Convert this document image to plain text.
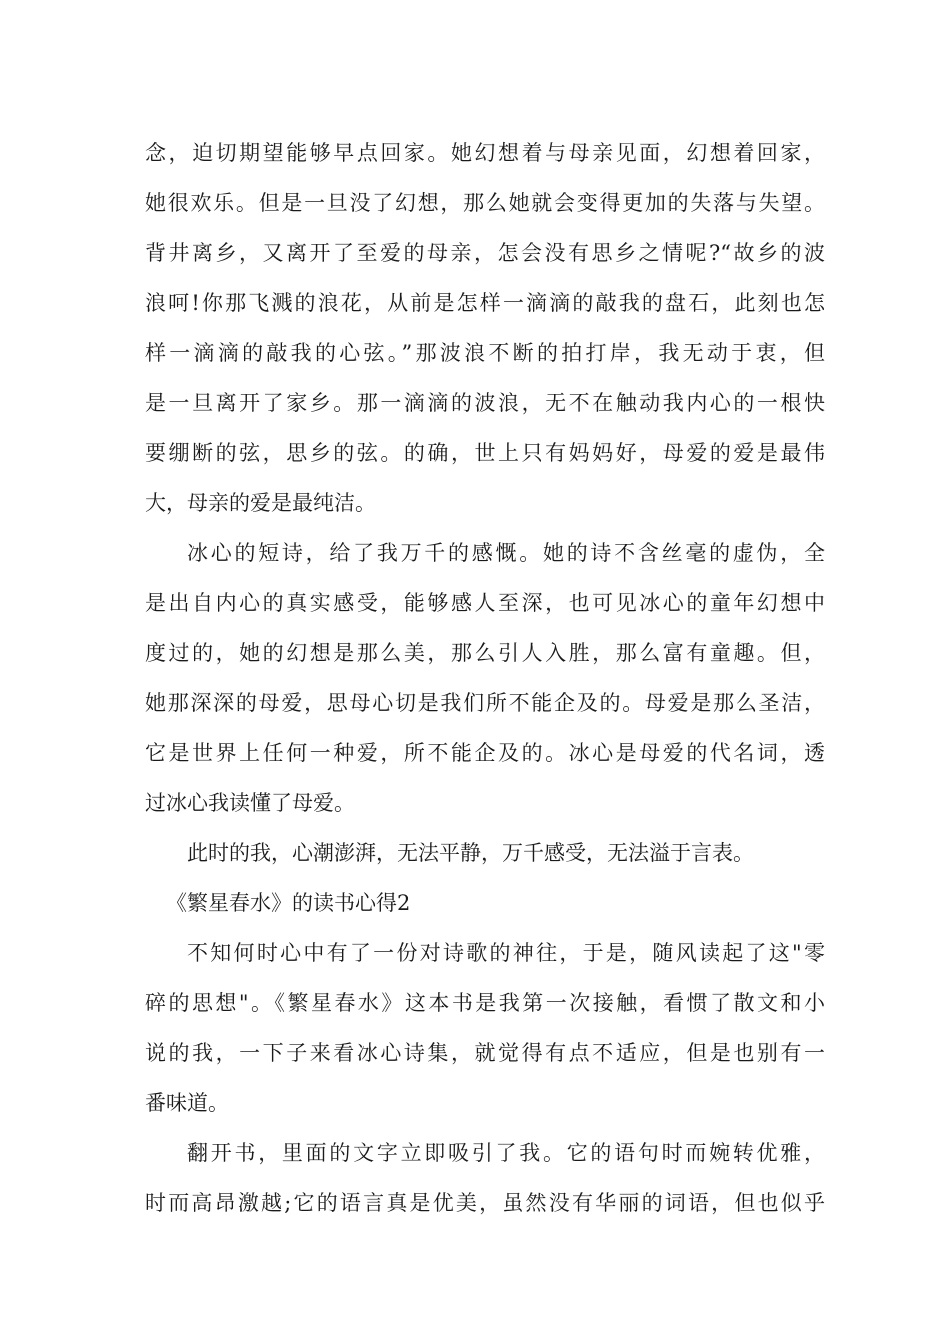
念，迫切期望能够早点回家。她幻想着与母亲见面，幻想着回家，
她很欢乐。但是一旦没了幻想，那么她就会变得更加的失落与失望。
背井离乡，又离开了至爱的母亲，怎会没有思乡之情呢?“故乡的波
浪呵!你那飞溅的浪花，从前是怎样一滴滴的敲我的盘石，此刻也怎
样一滴滴的敲我的心弦。”那波浪不断的拍打岸，我无动于衷，但
是一旦离开了家乡。那一滴滴的波浪，无不在触动我内心的一根快
要绷断的弦，思乡的弦。的确，世上只有妈妈好，母爱的爱是最伟
大，母亲的爱是最纯洁。
冰心的短诗，给了我万千的感慨。她的诗不含丝毫的虚伪，全
是出自内心的真实感受，能够感人至深，也可见冰心的童年幻想中
度过的，她的幻想是那么美，那么引人入胜，那么富有童趣。但，
她那深深的母爱，思母心切是我们所不能企及的。母爱是那么圣洁，
它是世界上任何一种爱，所不能企及的。冰心是母爱的代名词，透
过冰心我读懂了母爱。
此时的我，心潮澎湃，无法平静，万千感受，无法溢于言表。
《繁星春水》的读书心得2
不知何时心中有了一份对诗歌的神往，于是，随风读起了这"零
碎的思想"。《繁星春水》这本书是我第一次接触，看惯了散文和小
说的我，一下子来看冰心诗集，就觉得有点不适应，但是也别有一
番味道。
翻开书，里面的文字立即吸引了我。它的语句时而婉转优雅，
时而高昂激越;它的语言真是优美，虽然没有华丽的词语，但也似乎
